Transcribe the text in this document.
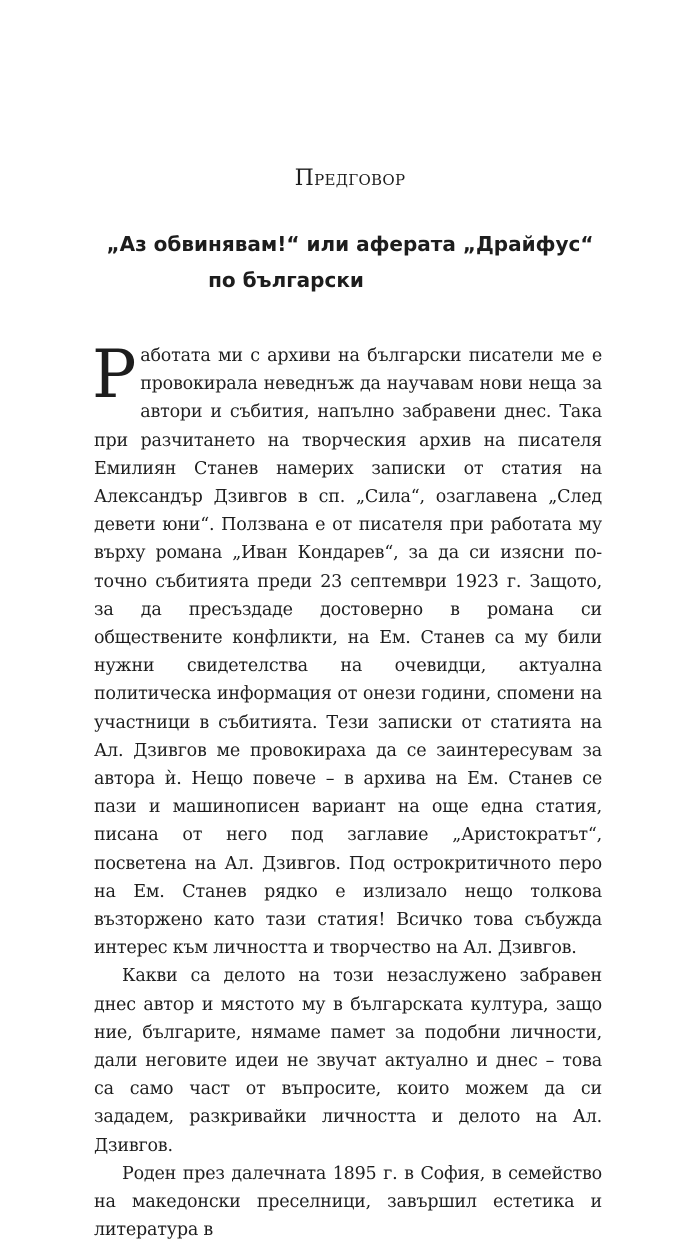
Предговор
„Аз обвинявам!“ или аферата „Драйфус“
по български

Работата ми с архиви на български писатели ме е провокирала неведнъж да научавам нови неща за автори и събития, напълно забравени днес. Така при разчитането на творческия архив на писателя Емилиян Станев намерих записки от статия на Александър Дзивгов в сп. „Сила“, озаглавена „След девети юни“. Ползвана е от писателя при работата му върху романа „Иван Кондарев“, за да си изясни по-точно събитията преди 23 септември 1923 г. Защото, за да пресъздаде достоверно в романа си обществените конфликти, на Ем. Станев са му били нужни свидетелства на очевидци, актуална политическа информация от онези години, спомени на участници в събитията. Тези записки от статията на Ал. Дзивгов ме провокираха да се заинтересувам за автора ѝ. Нещо повече – в архива на Ем. Станев се пази и машинописен вариант на още една статия, писана от него под заглавие „Аристократът“, посветена на Ал. Дзивгов. Под острокритичното перо на Ем. Станев рядко е излизало нещо толкова възторжено като тази статия! Всичко това събужда интерес към личността и творчество на Ал. Дзивгов.

Какви са делото на този незаслужено забравен днес автор и мястото му в българската култура, защо ние, българите, нямаме памет за подобни личности, дали неговите идеи не звучат актуално и днес – това са само част от въпросите, които можем да си зададем, разкривайки личността и делото на Ал. Дзивгов.

Роден през далечната 1895 г. в София, в семейство на македонски преселници, завършил естетика и литература в
